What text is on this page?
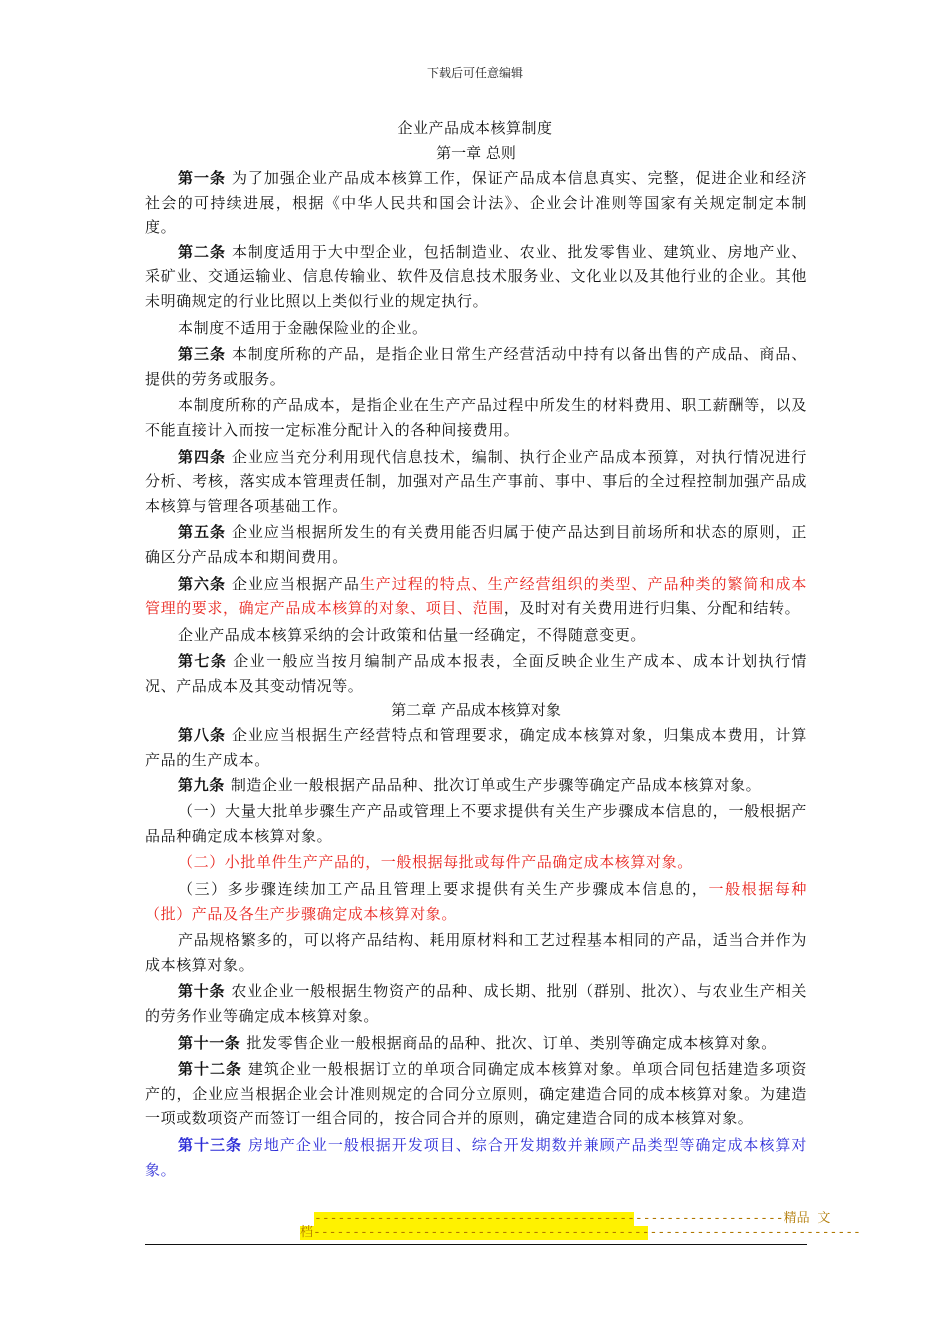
下载后可任意编辑
企业产品成本核算制度
第一章 总则

第一条 为了加强企业产品成本核算工作，保证产品成本信息真实、完整，促进企业和经济社会的可持续进展，根据《中华人民共和国会计法》、企业会计准则等国家有关规定制定本制度。

第二条 本制度适用于大中型企业，包括制造业、农业、批发零售业、建筑业、房地产业、采矿业、交通运输业、信息传输业、软件及信息技术服务业、文化业以及其他行业的企业。其他未明确规定的行业比照以上类似行业的规定执行。

本制度不适用于金融保险业的企业。

第三条 本制度所称的产品，是指企业日常生产经营活动中持有以备出售的产成品、商品、提供的劳务或服务。

本制度所称的产品成本，是指企业在生产产品过程中所发生的材料费用、职工薪酬等，以及不能直接计入而按一定标准分配计入的各种间接费用。

第四条 企业应当充分利用现代信息技术，编制、执行企业产品成本预算，对执行情况进行分析、考核，落实成本管理责任制，加强对产品生产事前、事中、事后的全过程控制加强产品成本核算与管理各项基础工作。

第五条 企业应当根据所发生的有关费用能否归属于使产品达到目前场所和状态的原则，正确区分产品成本和期间费用。

第六条 企业应当根据产品生产过程的特点、生产经营组织的类型、产品种类的繁简和成本管理的要求，确定产品成本核算的对象、项目、范围，及时对有关费用进行归集、分配和结转。

企业产品成本核算采纳的会计政策和估量一经确定，不得随意变更。

第七条 企业一般应当按月编制产品成本报表，全面反映企业生产成本、成本计划执行情况、产品成本及其变动情况等。

第二章 产品成本核算对象

第八条 企业应当根据生产经营特点和管理要求，确定成本核算对象，归集成本费用，计算产品的生产成本。

第九条 制造企业一般根据产品品种、批次订单或生产步骤等确定产品成本核算对象。

（一）大量大批单步骤生产产品或管理上不要求提供有关生产步骤成本信息的，一般根据产品品种确定成本核算对象。

（二）小批单件生产产品的，一般根据每批或每件产品确定成本核算对象。

（三）多步骤连续加工产品且管理上要求提供有关生产步骤成本信息的，一般根据每种（批）产品及各生产步骤确定成本核算对象。

产品规格繁多的，可以将产品结构、耗用原材料和工艺过程基本相同的产品，适当合并作为成本核算对象。

第十条 农业企业一般根据生物资产的品种、成长期、批别（群别、批次）、与农业生产相关的劳务作业等确定成本核算对象。

第十一条 批发零售企业一般根据商品的品种、批次、订单、类别等确定成本核算对象。

第十二条 建筑企业一般根据订立的单项合同确定成本核算对象。单项合同包括建造多项资产的，企业应当根据企业会计准则规定的合同分立原则，确定建造合同的成本核算对象。为建造一项或数项资产而签订一组合同的，按合同合并的原则，确定建造合同的成本核算对象。

第十三条 房地产企业一般根据开发项目、综合开发期数并兼顾产品类型等确定成本核算对象。

------------------------------------------------------------精品 文
档----------------------------------------------------------------------
